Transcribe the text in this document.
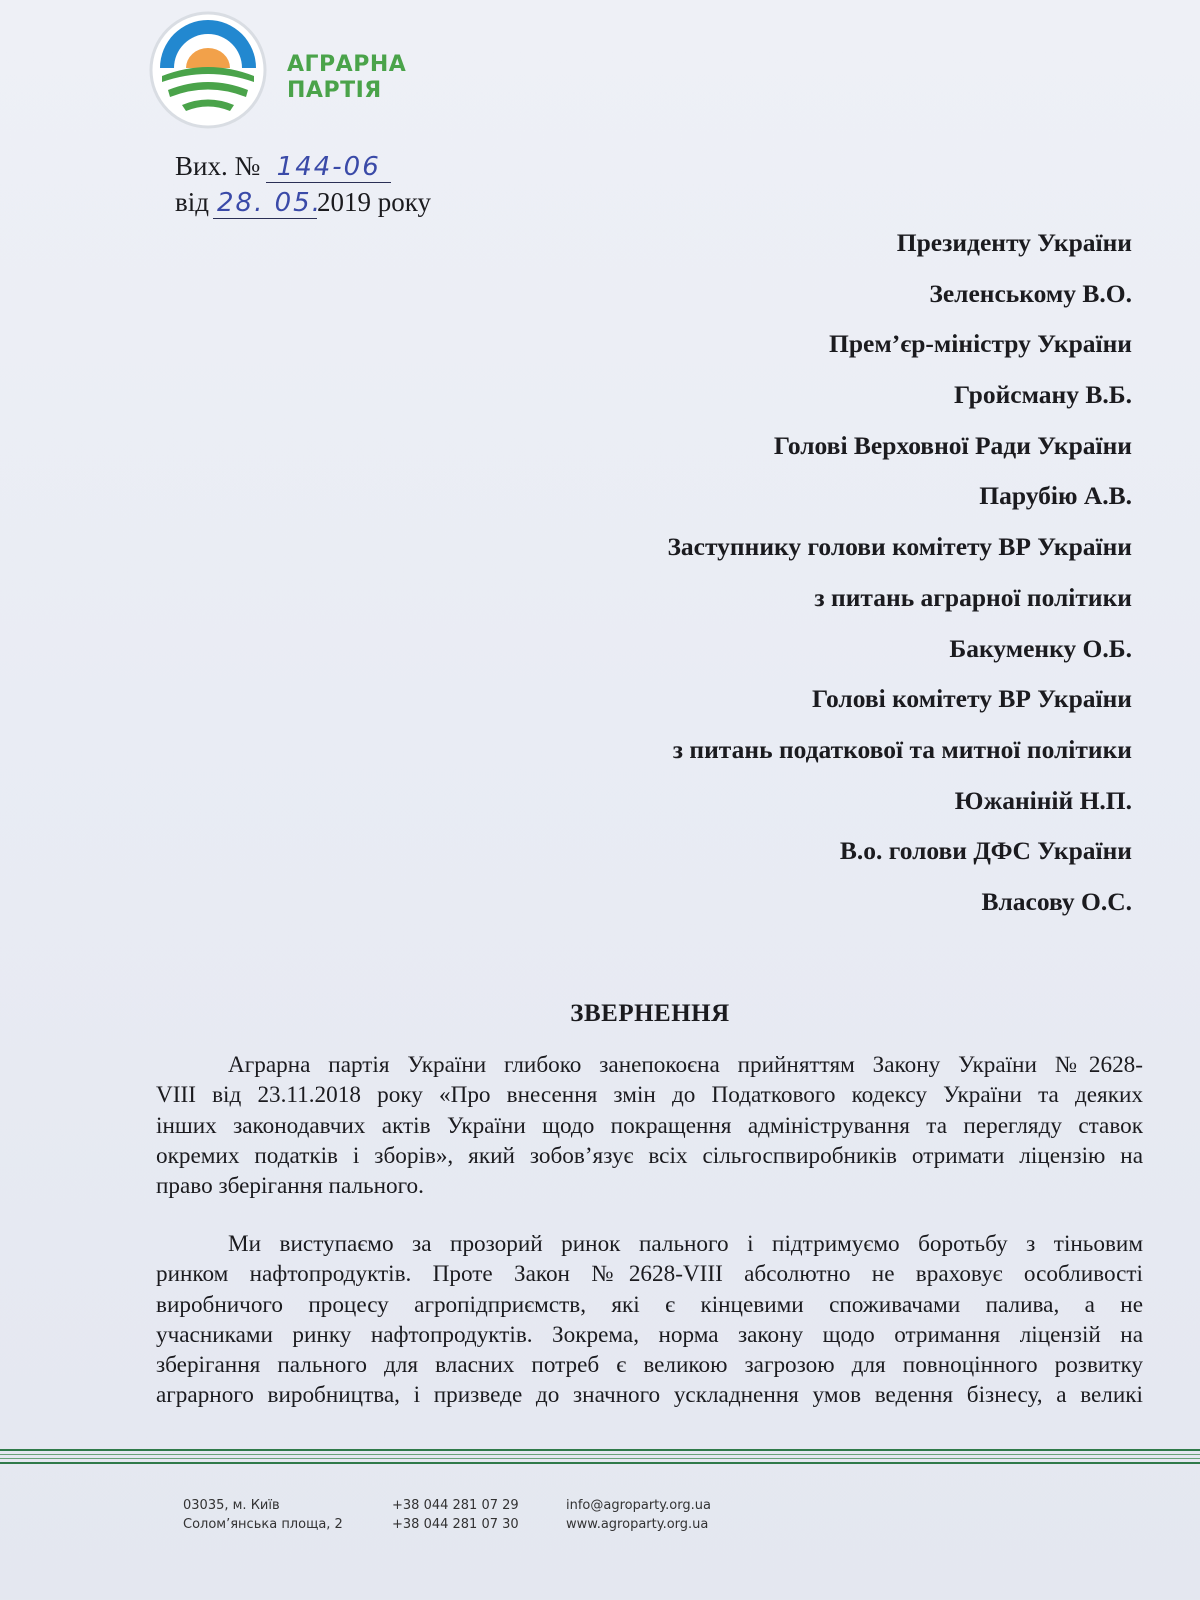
АГРАРНА
ПАРТІЯ
Вих. № 144-06
від 28. 05.
2019 року
Президенту України
Зеленському В.О.
Прем’єр-міністру України
Гройсману В.Б.
Голові Верховної Ради України
Парубію А.В.
Заступнику голови комітету ВР України
з питань аграрної політики
Бакуменку О.Б.
Голові комітету ВР України
з питань податкової та митної політики
Южаніній Н.П.
В.о. голови ДФС України
Власову О.С.
ЗВЕРНЕННЯ
Аграрна партія України глибоко занепокоєна прийняттям Закону України №2628-
VIII від 23.11.2018 року «Про внесення змін до Податкового кодексу України та деяких
інших законодавчих актів України щодо покращення адміністрування та перегляду ставок
окремих податків і зборів», який зобов’язує всіх сільгоспвиробників отримати ліцензію на
право зберігання пального.
Ми виступаємо за прозорий ринок пального і підтримуємо боротьбу з тіньовим
ринком нафтопродуктів. Проте Закон №2628-VIII абсолютно не враховує особливості
виробничого процесу агропідприємств, які є кінцевими споживачами палива, а не
учасниками ринку нафтопродуктів. Зокрема, норма закону щодо отримання ліцензій на
зберігання пального для власних потреб є великою загрозою для повноцінного розвитку
аграрного виробництва, і призведе до значного ускладнення умов ведення бізнесу, а великі
03035, м. Київ
Солом’янська площа, 2
+38 044 281 07 29
+38 044 281 07 30
info@agroparty.org.ua
www.agroparty.org.ua
